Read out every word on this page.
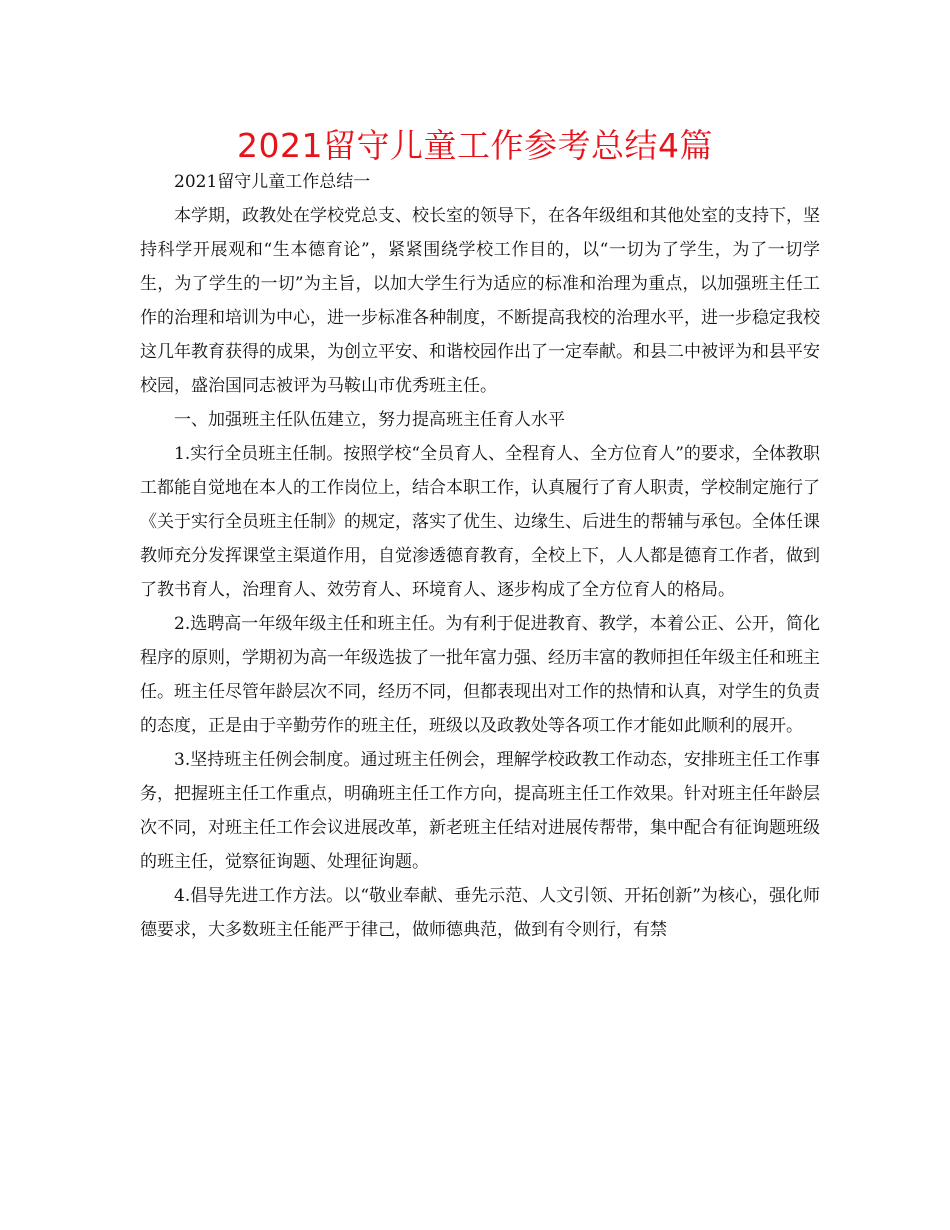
2021留守儿童工作参考总结4篇

2021留守儿童工作总结一

本学期，政教处在学校党总支、校长室的领导下，在各年级组和其他处室的支持下，坚持科学开展观和“生本德育论”，紧紧围绕学校工作目的，以“一切为了学生，为了一切学生，为了学生的一切”为主旨，以加大学生行为适应的标准和治理为重点，以加强班主任工作的治理和培训为中心，进一步标准各种制度，不断提高我校的治理水平，进一步稳定我校这几年教育获得的成果，为创立平安、和谐校园作出了一定奉献。和县二中被评为和县平安校园，盛治国同志被评为马鞍山市优秀班主任。

一、加强班主任队伍建立，努力提高班主任育人水平

1.实行全员班主任制。按照学校“全员育人、全程育人、全方位育人”的要求，全体教职工都能自觉地在本人的工作岗位上，结合本职工作，认真履行了育人职责，学校制定施行了《关于实行全员班主任制》的规定，落实了优生、边缘生、后进生的帮辅与承包。全体任课教师充分发挥课堂主渠道作用，自觉渗透德育教育，全校上下，人人都是德育工作者，做到了教书育人，治理育人、效劳育人、环境育人、逐步构成了全方位育人的格局。

2.选聘高一年级年级主任和班主任。为有利于促进教育、教学，本着公正、公开，简化程序的原则，学期初为高一年级选拔了一批年富力强、经历丰富的教师担任年级主任和班主任。班主任尽管年龄层次不同，经历不同，但都表现出对工作的热情和认真，对学生的负责的态度，正是由于辛勤劳作的班主任，班级以及政教处等各项工作才能如此顺利的展开。

3.坚持班主任例会制度。通过班主任例会，理解学校政教工作动态，安排班主任工作事务，把握班主任工作重点，明确班主任工作方向，提高班主任工作效果。针对班主任年龄层次不同，对班主任工作会议进展改革，新老班主任结对进展传帮带，集中配合有征询题班级的班主任，觉察征询题、处理征询题。

4.倡导先进工作方法。以“敬业奉献、垂先示范、人文引领、开拓创新”为核心，强化师德要求，大多数班主任能严于律己，做师德典范，做到有令则行，有禁
